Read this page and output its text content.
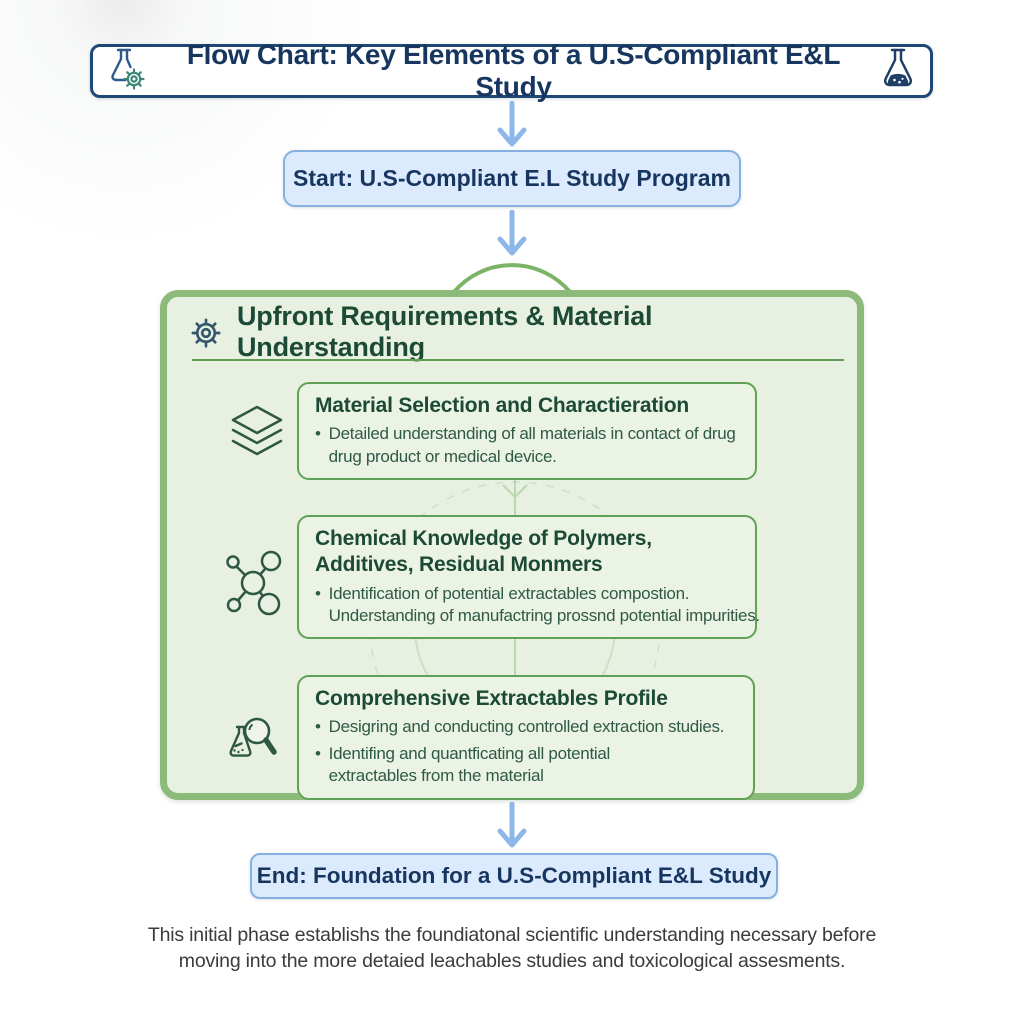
Flow Chart: Key Elements of a U.S-Compliant E&L Study
Start: U.S-Compliant E.L Study Program
Upfront Requirements & Material Understanding
Material Selection and Charactieration
• Detailed understanding of all materials in contact of drug
drug product or medical device.
Chemical Knowledge of Polymers,
Additives, Residual Monmers
• Identification of potential extractables compostion.
Understanding of manufactring prossnd potential impurities.
Comprehensive Extractables Profile
• Desigring and conducting controlled extraction studies.
• Identifing and quantficating all potential
extractables from the material
End: Foundation for a U.S-Compliant E&L Study
This initial phase establishs the foundiatonal scientific understanding necessary before
moving into the more detaied leachables studies and toxicological assesments.
